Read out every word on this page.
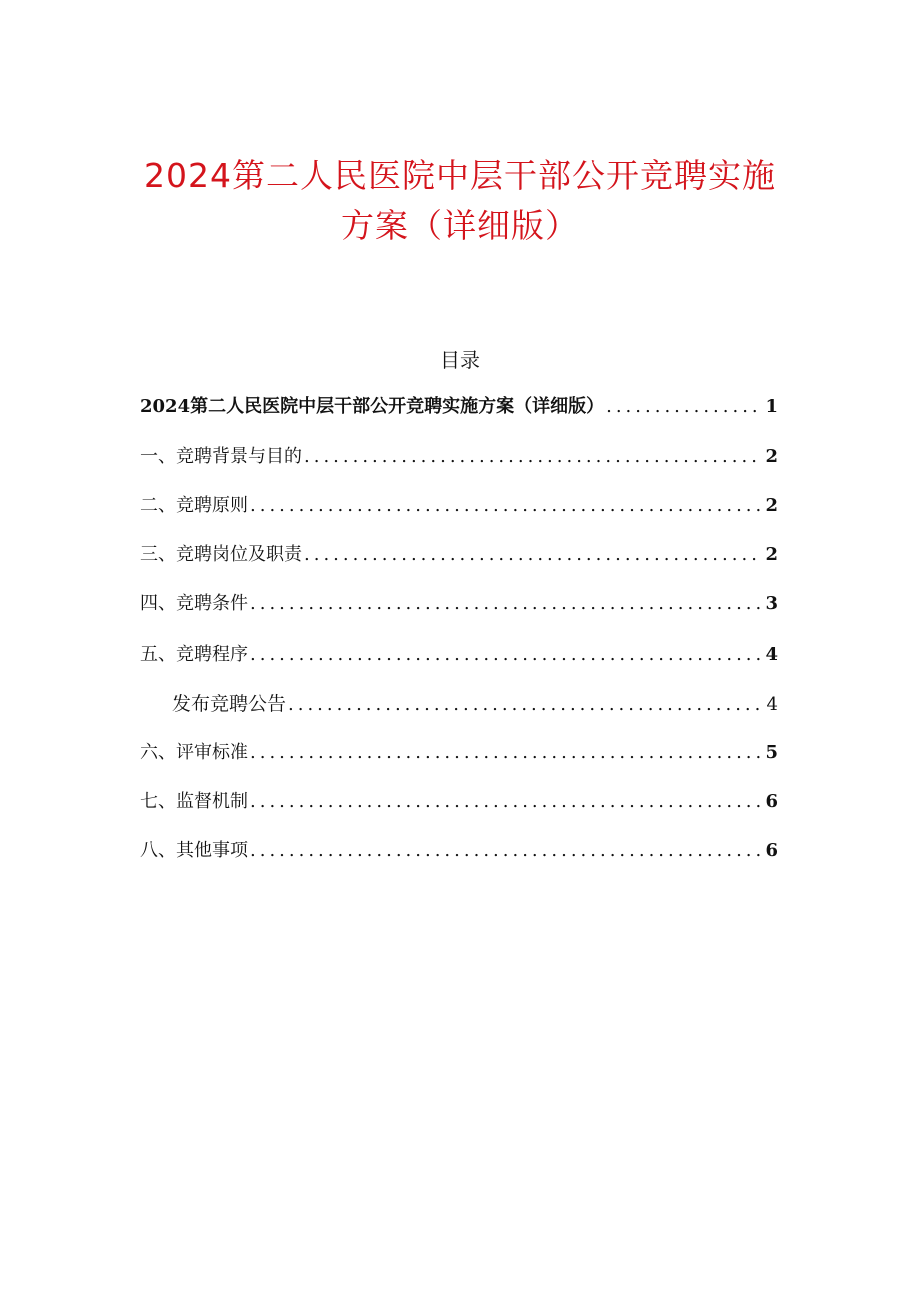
2024第二人民医院中层干部公开竞聘实施
方案（详细版）
目录
2024第二人民医院中层干部公开竞聘实施方案（详细版） .....	1
一、竞聘背景与目的 .....	2
二、竞聘原则 .....	2
三、竞聘岗位及职责 .....	2
四、竞聘条件 .....	3
五、竞聘程序 .....	4
发布竞聘公告 .....	4
六、评审标准 .....	5
七、监督机制 .....	6
八、其他事项 .....	6
